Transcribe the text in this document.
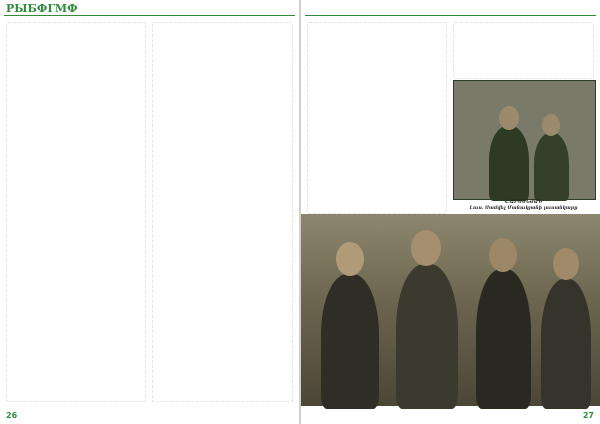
РЫБФГМФ
26
Հ.ԱՐՍԵՆՅԱՆ
Լուս. Սամվել Մանուկյանի լուսանկարը
27
